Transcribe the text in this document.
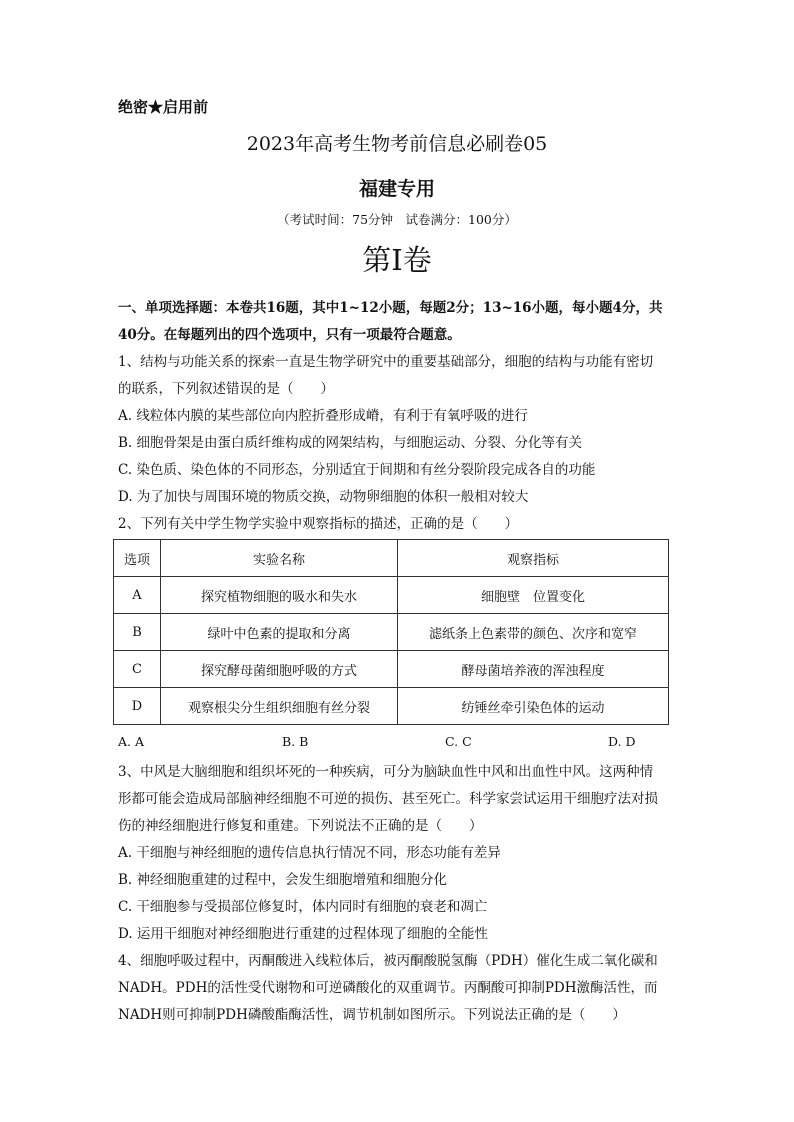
绝密★启用前
2023年高考生物考前信息必刷卷05
福建专用
（考试时间：75分钟　试卷满分：100分）
第I卷
一、单项选择题：本卷共16题，其中1~12小题，每题2分；13~16小题，每小题4分，共
40分。在每题列出的四个选项中，只有一项最符合题意。
1、结构与功能关系的探索一直是生物学研究中的重要基础部分，细胞的结构与功能有密切
的联系，下列叙述错误的是（　　）
A. 线粒体内膜的某些部位向内腔折叠形成嵴，有利于有氧呼吸的进行
B. 细胞骨架是由蛋白质纤维构成的网架结构，与细胞运动、分裂、分化等有关
C. 染色质、染色体的不同形态，分别适宜于间期和有丝分裂阶段完成各自的功能
D. 为了加快与周围环境的物质交换，动物卵细胞的体积一般相对较大
2、下列有关中学生物学实验中观察指标的描述，正确的是（　　）
选项	实验名称	观察指标
A	探究植物细胞的吸水和失水	细胞壁　位置变化
B	绿叶中色素的提取和分离	滤纸条上色素带的颜色、次序和宽窄
C	探究酵母菌细胞呼吸的方式	酵母菌培养液的浑浊程度
D	观察根尖分生组织细胞有丝分裂	纺锤丝牵引染色体的运动
A. A	B. B	C. C	D. D
3、中风是大脑细胞和组织坏死的一种疾病，可分为脑缺血性中风和出血性中风。这两种情
形都可能会造成局部脑神经细胞不可逆的损伤、甚至死亡。科学家尝试运用干细胞疗法对损
伤的神经细胞进行修复和重建。下列说法不正确的是（　　）
A. 干细胞与神经细胞的遗传信息执行情况不同，形态功能有差异
B. 神经细胞重建的过程中，会发生细胞增殖和细胞分化
C. 干细胞参与受损部位修复时，体内同时有细胞的衰老和凋亡
D. 运用干细胞对神经细胞进行重建的过程体现了细胞的全能性
4、细胞呼吸过程中，丙酮酸进入线粒体后，被丙酮酸脱氢酶（PDH）催化生成二氧化碳和
NADH。PDH的活性受代谢物和可逆磷酸化的双重调节。丙酮酸可抑制PDH激酶活性，而
NADH则可抑制PDH磷酸酯酶活性，调节机制如图所示。下列说法正确的是（　　）
